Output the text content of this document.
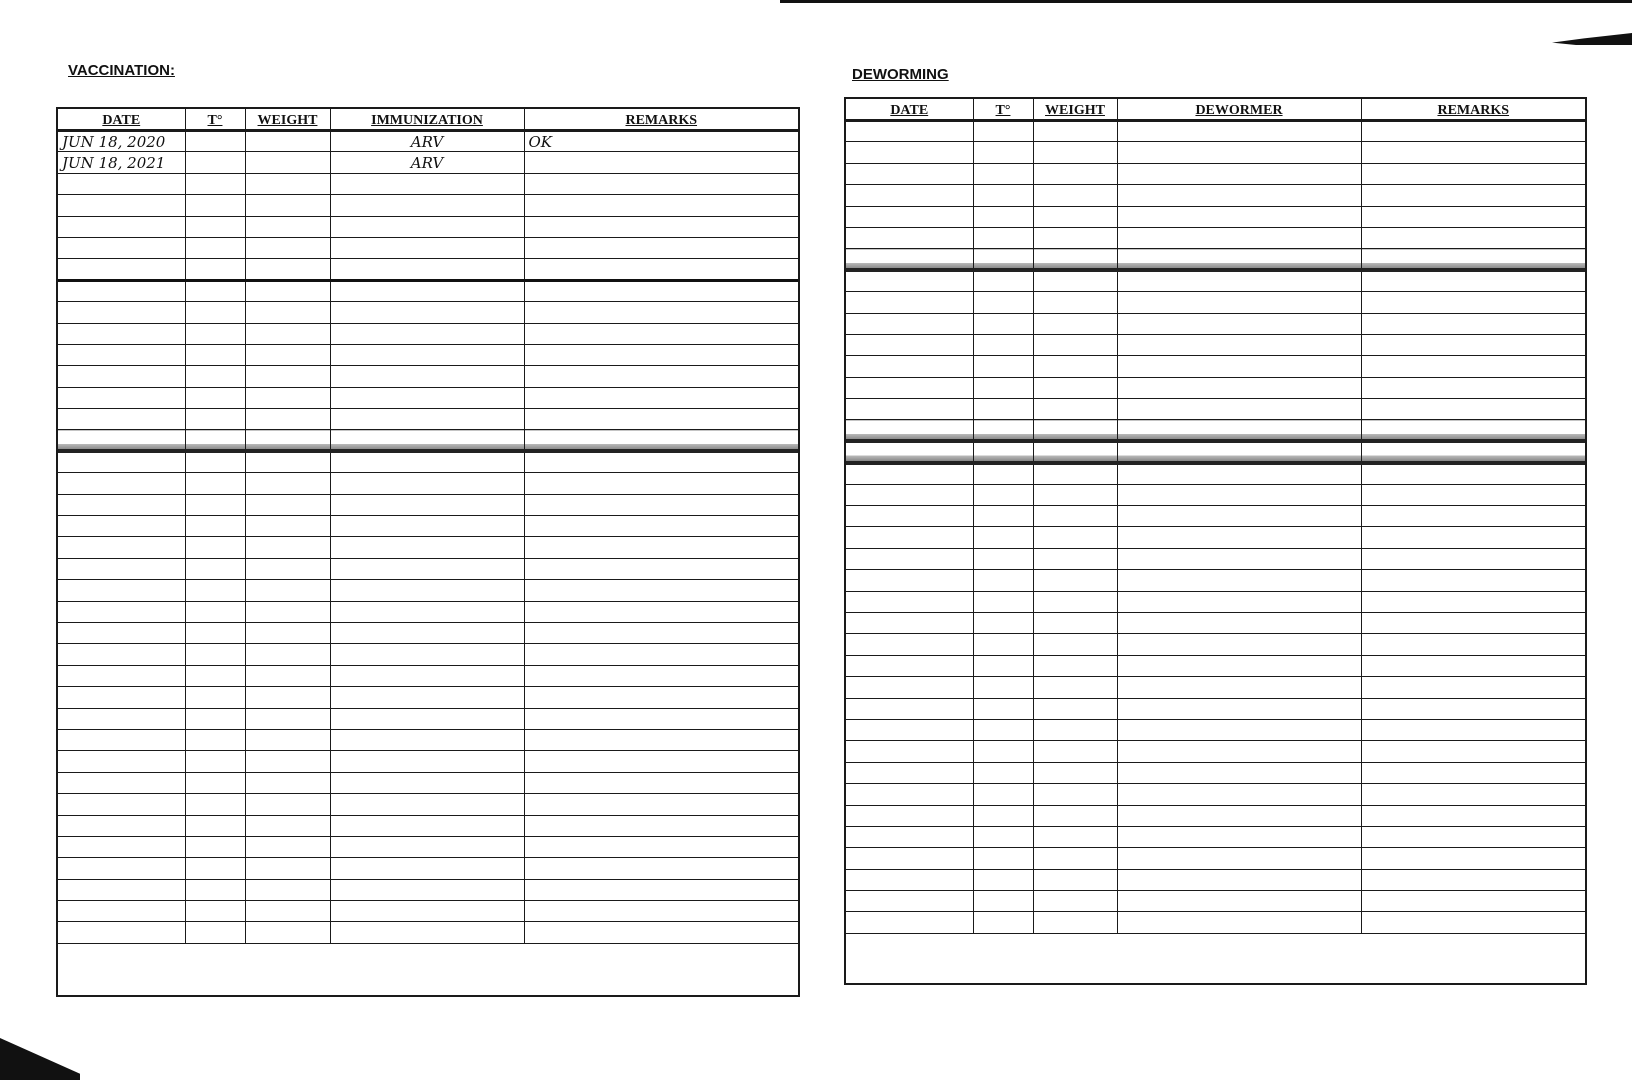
VACCINATION:	DEWORMING
DATE	T°	WEIGHT	IMMUNIZATION	REMARKS
JUN 18, 2020			ARV	OK
JUN 18, 2021			ARV	

DATE	T°	WEIGHT	DEWORMER	REMARKS
